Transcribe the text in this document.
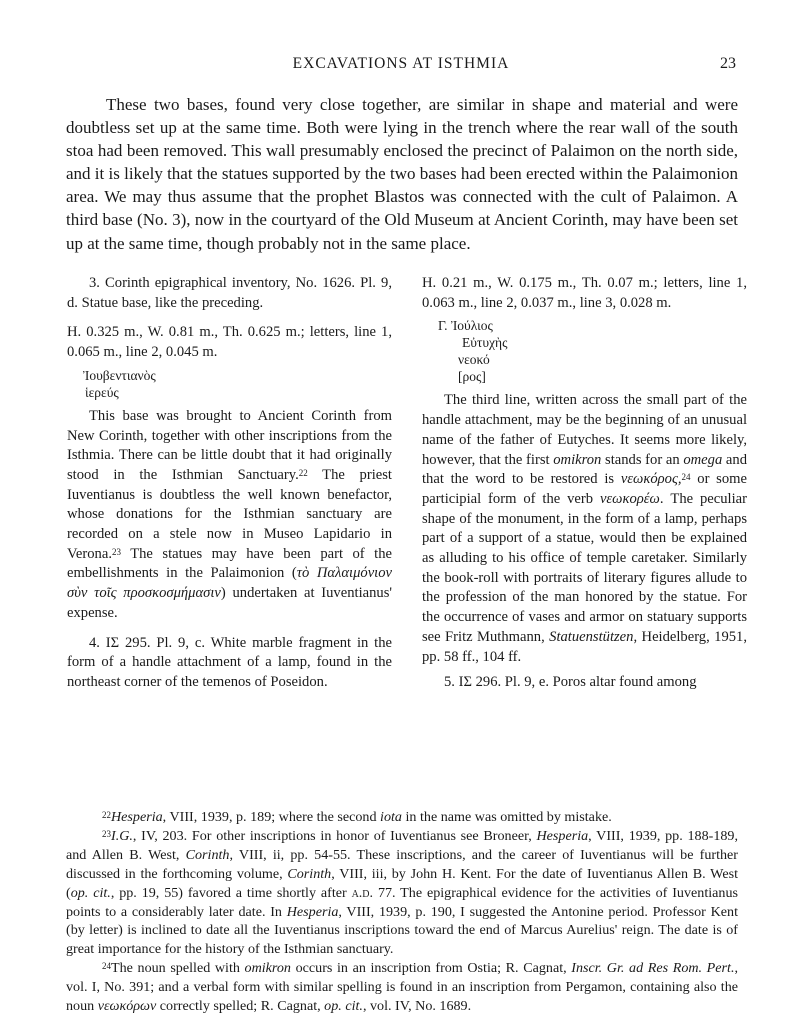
EXCAVATIONS AT ISTHMIA	23

These two bases, found very close together, are similar in shape and material and were doubtless set up at the same time. Both were lying in the trench where the rear wall of the south stoa had been removed. This wall presumably enclosed the precinct of Palaimon on the north side, and it is likely that the statues supported by the two bases had been erected within the Palaimonion area. We may thus assume that the prophet Blastos was connected with the cult of Palaimon. A third base (No. 3), now in the courtyard of the Old Museum at Ancient Corinth, may have been set up at the same time, though probably not in the same place.

3. Corinth epigraphical inventory, No. 1626. Pl. 9, d. Statue base, like the preceding.

H. 0.325 m., W. 0.81 m., Th. 0.625 m.; letters, line 1, 0.065 m., line 2, 0.045 m.

Ἰουβεντιανὸς
ἱερεύς

This base was brought to Ancient Corinth from New Corinth, together with other inscriptions from the Isthmia. There can be little doubt that it had originally stood in the Isthmian Sanctuary.$^{22}$ The priest Iuventianus is doubtless the well known benefactor, whose donations for the Isthmian sanctuary are recorded on a stele now in Museo Lapidario in Verona.$^{23}$ The statues may have been part of the embellishments in the Palaimonion (τὸ Παλαιμόνιον σὺν τοῖς προσκοσμήμασιν) undertaken at Iuventianus' expense.

4. IΣ 295. Pl. 9, c. White marble fragment in the form of a handle attachment of a lamp, found in the northeast corner of the temenos of Poseidon.

H. 0.21 m., W. 0.175 m., Th. 0.07 m.; letters, line 1, 0.063 m., line 2, 0.037 m., line 3, 0.028 m.

Γ. Ἰούλιος
Εὐτυχὴς
νεοκό
[ρος]

The third line, written across the small part of the handle attachment, may be the beginning of an unusual name of the father of Eutyches. It seems more likely, however, that the first omikron stands for an omega and that the word to be restored is νεωκόρος,$^{24}$ or some participial form of the verb νεωκορέω. The peculiar shape of the monument, in the form of a lamp, perhaps part of a support of a statue, would then be explained as alluding to his office of temple caretaker. Similarly the book-roll with portraits of literary figures allude to the profession of the man honored by the statue. For the occurrence of vases and armor on statuary supports see Fritz Muthmann, Statuenstützen, Heidelberg, 1951, pp. 58 ff., 104 ff.

5. IΣ 296. Pl. 9, e. Poros altar found among

$^{22}$Hesperia, VIII, 1939, p. 189; where the second iota in the name was omitted by mistake.

$^{23}$I.G., IV, 203. For other inscriptions in honor of Iuventianus see Broneer, Hesperia, VIII, 1939, pp. 188-189, and Allen B. West, Corinth, VIII, ii, pp. 54-55. These inscriptions, and the career of Iuventianus will be further discussed in the forthcoming volume, Corinth, VIII, iii, by John H. Kent. For the date of Iuventianus Allen B. West (op. cit., pp. 19, 55) favored a time shortly after a.d. 77. The epigraphical evidence for the activities of Iuventianus points to a considerably later date. In Hesperia, VIII, 1939, p. 190, I suggested the Antonine period. Professor Kent (by letter) is inclined to date all the Iuventianus inscriptions toward the end of Marcus Aurelius' reign. The date is of great importance for the history of the Isthmian sanctuary.

$^{24}$The noun spelled with omikron occurs in an inscription from Ostia; R. Cagnat, Inscr. Gr. ad Res Rom. Pert., vol. I, No. 391; and a verbal form with similar spelling is found in an inscription from Pergamon, containing also the noun νεωκόρων correctly spelled; R. Cagnat, op. cit., vol. IV, No. 1689.
